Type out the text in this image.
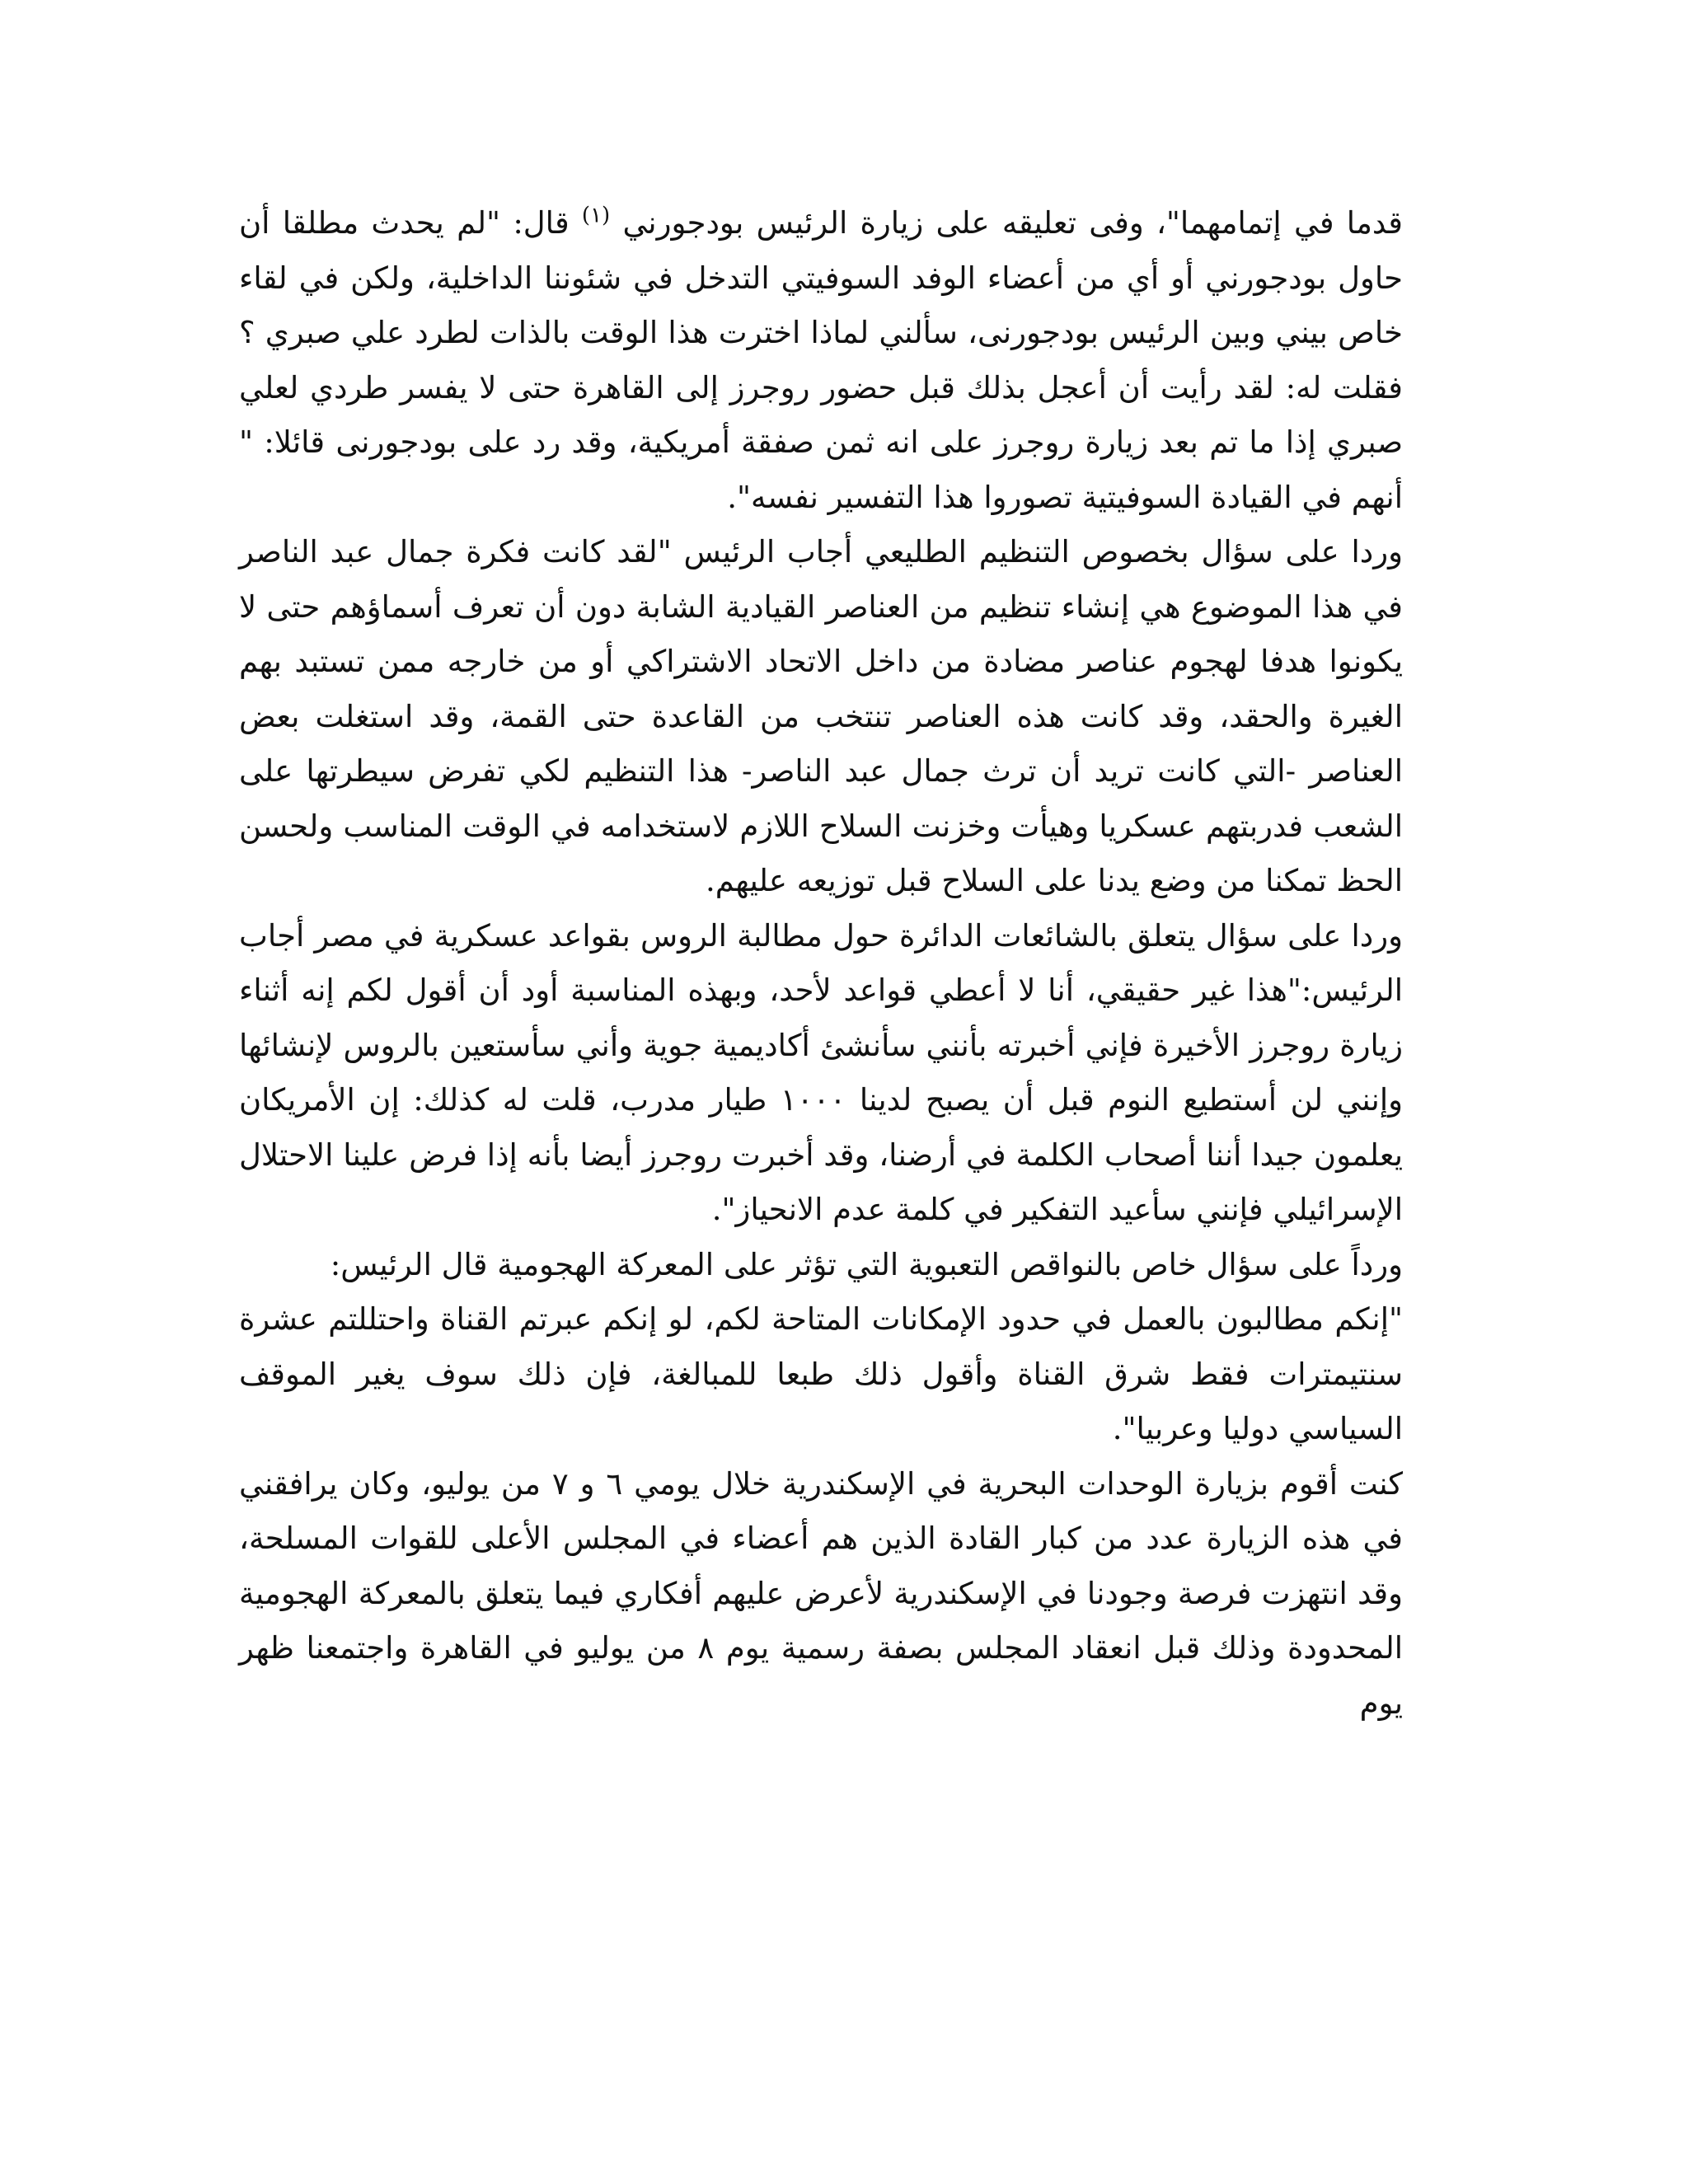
قدما في إتمامهما"، وفى تعليقه على زيارة الرئيس بودجورني $^{(١)}$ قال: "لم يحدث مطلقا أن حاول بودجورني أو أي من أعضاء الوفد السوفيتي التدخل في شئوننا الداخلية، ولكن في لقاء خاص بيني وبين الرئيس بودجورنى، سألني لماذا اخترت هذا الوقت بالذات لطرد علي صبري ؟ فقلت له: لقد رأيت أن أعجل بذلك قبل حضور روجرز إلى القاهرة حتى لا يفسر طردي لعلي صبري إذا ما تم بعد زيارة روجرز على انه ثمن صفقة أمريكية، وقد رد على بودجورنى قائلا: " أنهم في القيادة السوفيتية تصوروا هذا التفسير نفسه".

وردا على سؤال بخصوص التنظيم الطليعي أجاب الرئيس "لقد كانت فكرة جمال عبد الناصر في هذا الموضوع هي إنشاء تنظيم من العناصر القيادية الشابة دون أن تعرف أسماؤهم حتى لا يكونوا هدفا لهجوم عناصر مضادة من داخل الاتحاد الاشتراكي أو من خارجه ممن تستبد بهم الغيرة والحقد، وقد كانت هذه العناصر تنتخب من القاعدة حتى القمة، وقد استغلت بعض العناصر -التي كانت تريد أن ترث جمال عبد الناصر- هذا التنظيم لكي تفرض سيطرتها على الشعب فدربتهم عسكريا وهيأت وخزنت السلاح اللازم لاستخدامه في الوقت المناسب ولحسن الحظ تمكنا من وضع يدنا على السلاح قبل توزيعه عليهم.

وردا على سؤال يتعلق بالشائعات الدائرة حول مطالبة الروس بقواعد عسكرية في مصر أجاب الرئيس:"هذا غير حقيقي، أنا لا أعطي قواعد لأحد، وبهذه المناسبة أود أن أقول لكم إنه أثناء زيارة روجرز الأخيرة فإني أخبرته بأنني سأنشئ أكاديمية جوية وأني سأستعين بالروس لإنشائها وإنني لن أستطيع النوم قبل أن يصبح لدينا ١٠٠٠ طيار مدرب، قلت له كذلك: إن الأمريكان يعلمون جيدا أننا أصحاب الكلمة في أرضنا، وقد أخبرت روجرز أيضا بأنه إذا فرض علينا الاحتلال الإسرائيلي فإنني سأعيد التفكير في كلمة عدم الانحياز".

ورداً على سؤال خاص بالنواقص التعبوية التي تؤثر على المعركة الهجومية قال الرئيس:

"إنكم مطالبون بالعمل في حدود الإمكانات المتاحة لكم، لو إنكم عبرتم القناة واحتللتم عشرة سنتيمترات فقط شرق القناة وأقول ذلك طبعا للمبالغة، فإن ذلك سوف يغير الموقف السياسي دوليا وعربيا".

كنت أقوم بزيارة الوحدات البحرية في الإسكندرية خلال يومي ٦ و ٧ من يوليو، وكان يرافقني في هذه الزيارة عدد من كبار القادة الذين هم أعضاء في المجلس الأعلى للقوات المسلحة، وقد انتهزت فرصة وجودنا في الإسكندرية لأعرض عليهم أفكاري فيما يتعلق بالمعركة الهجومية المحدودة وذلك قبل انعقاد المجلس بصفة رسمية يوم ٨ من يوليو في القاهرة واجتمعنا ظهر يوم
